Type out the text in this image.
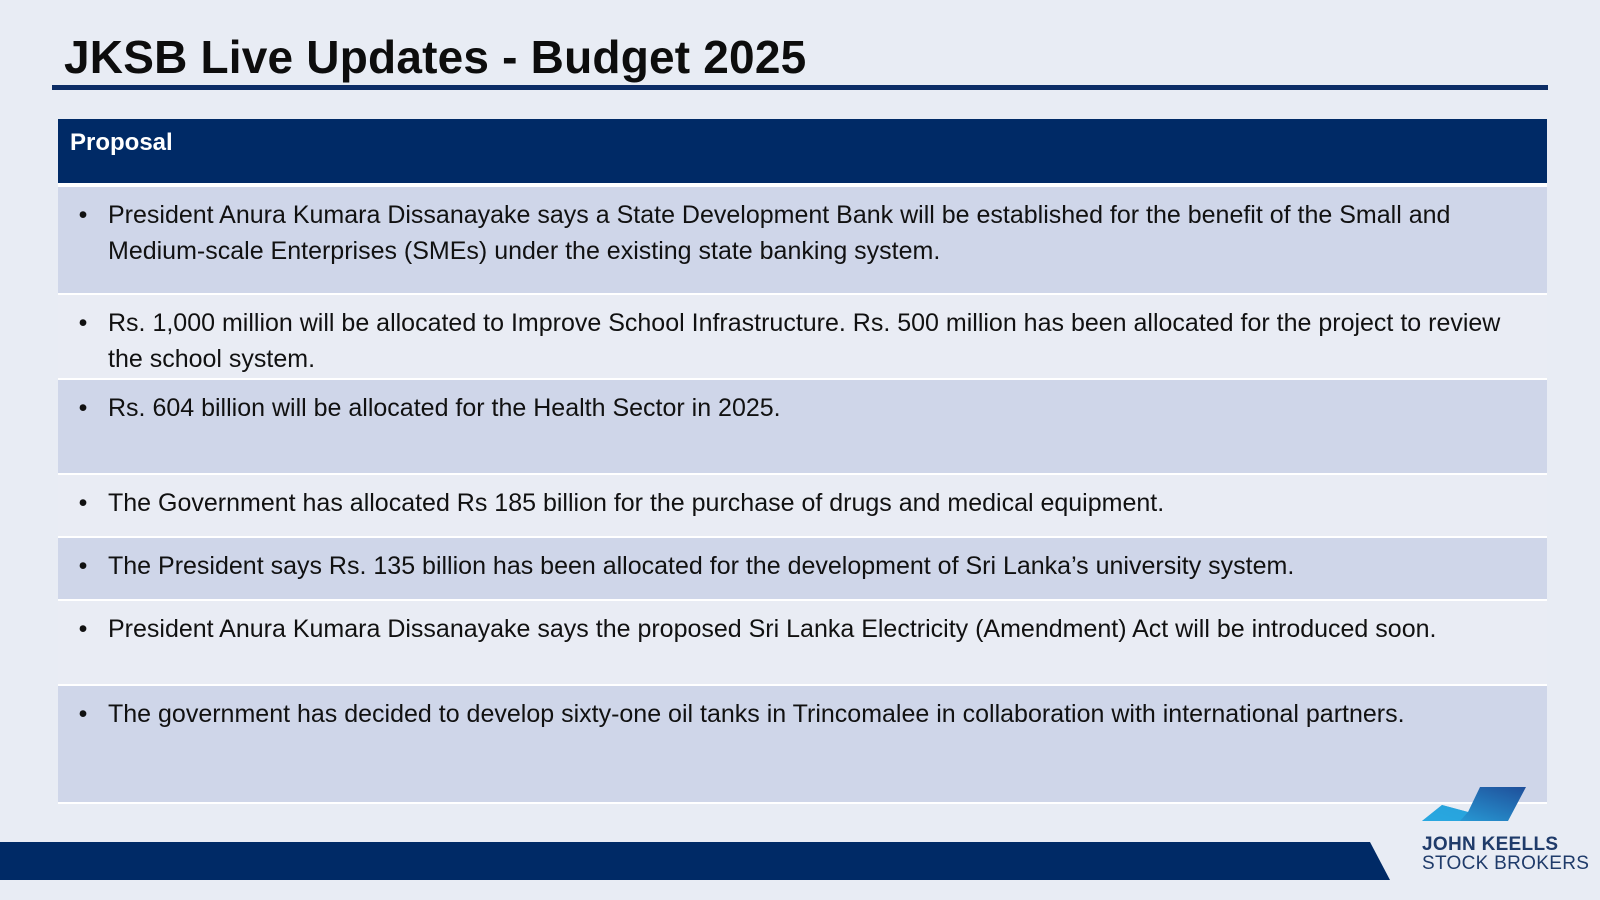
JKSB Live Updates - Budget 2025
Proposal
• President Anura Kumara Dissanayake says a State Development Bank will be established for the benefit of the Small and Medium-scale Enterprises (SMEs) under the existing state banking system.
• Rs. 1,000 million will be allocated to Improve School Infrastructure. Rs. 500 million has been allocated for the project to review the school system.
• Rs. 604 billion will be allocated for the Health Sector in 2025.
• The Government has allocated Rs 185 billion for the purchase of drugs and medical equipment.
• The President says Rs. 135 billion has been allocated for the development of Sri Lanka’s university system.
• President Anura Kumara Dissanayake says the proposed Sri Lanka Electricity (Amendment) Act will be introduced soon.
• The government has decided to develop sixty-one oil tanks in Trincomalee in collaboration with international partners.
JOHN KEELLS
STOCK BROKERS
